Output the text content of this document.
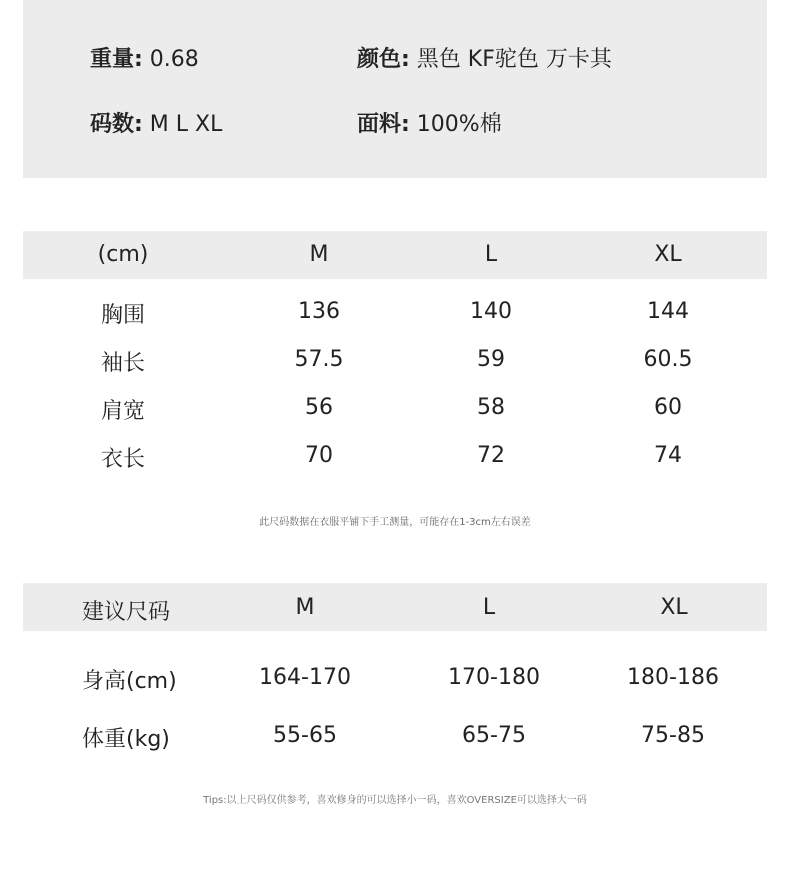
重量: 0.68	颜色: 黑色 KF驼色 万卡其
码数: M L XL	面料: 100%棉
(cm)	M	L	XL
胸围	136	140	144
袖长	57.5	59	60.5
肩宽	56	58	60
衣长	70	72	74
此尺码数据在衣服平铺下手工测量，可能存在1-3cm左右误差
建议尺码	M	L	XL
身高(cm)	164-170	170-180	180-186
体重(kg)	55-65	65-75	75-85
Tips:以上尺码仅供参考，喜欢修身的可以选择小一码，喜欢OVERSIZE可以选择大一码
